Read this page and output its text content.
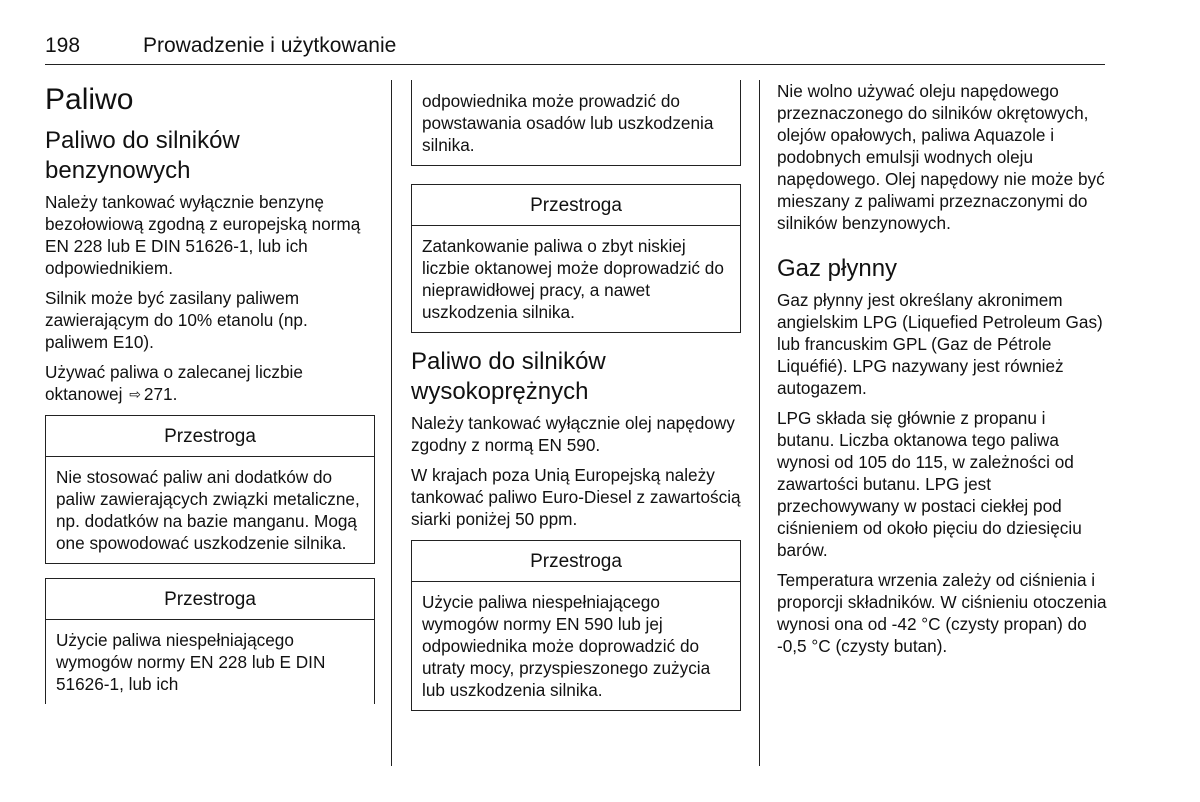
198	Prowadzenie i użytkowanie
Paliwo
Paliwo do silników benzynowych

Należy tankować wyłącznie benzynę bezołowiową zgodną z europejską normą EN 228 lub E DIN 51626-1, lub ich odpowiednikiem.

Silnik może być zasilany paliwem zawierającym do 10% etanolu (np. paliwem E10).

Używać paliwa o zalecanej liczbie oktanowej ⇨ 271.

Przestroga
Nie stosować paliw ani dodatków do paliw zawierających związki metaliczne, np. dodatków na bazie manganu. Mogą one spowodować uszkodzenie silnika.
Przestroga
Użycie paliwa niespełniającego wymogów normy EN 228 lub E DIN 51626-1, lub ich
odpowiednika może prowadzić do powstawania osadów lub uszkodzenia silnika.
Przestroga
Zatankowanie paliwa o zbyt niskiej liczbie oktanowej może doprowadzić do nieprawidłowej pracy, a nawet uszkodzenia silnika.
Paliwo do silników wysokoprężnych

Należy tankować wyłącznie olej napędowy zgodny z normą EN 590.

W krajach poza Unią Europejską należy tankować paliwo Euro-Diesel z zawartością siarki poniżej 50 ppm.

Przestroga
Użycie paliwa niespełniającego wymogów normy EN 590 lub jej odpowiednika może doprowadzić do utraty mocy, przyspieszonego zużycia lub uszkodzenia silnika.

Nie wolno używać oleju napędowego przeznaczonego do silników okrętowych, olejów opałowych, paliwa Aquazole i podobnych emulsji wodnych oleju napędowego. Olej napędowy nie może być mieszany z paliwami przeznaczonymi do silników benzynowych.

Gaz płynny

Gaz płynny jest określany akronimem angielskim LPG (Liquefied Petroleum Gas) lub francuskim GPL (Gaz de Pétrole Liquéfié). LPG nazywany jest również autogazem.

LPG składa się głównie z propanu i butanu. Liczba oktanowa tego paliwa wynosi od 105 do 115, w zależności od zawartości butanu. LPG jest przechowywany w postaci ciekłej pod ciśnieniem od około pięciu do dziesięciu barów.

Temperatura wrzenia zależy od ciśnienia i proporcji składników. W ciśnieniu otoczenia wynosi ona od -42 °C (czysty propan) do -0,5 °C (czysty butan).
